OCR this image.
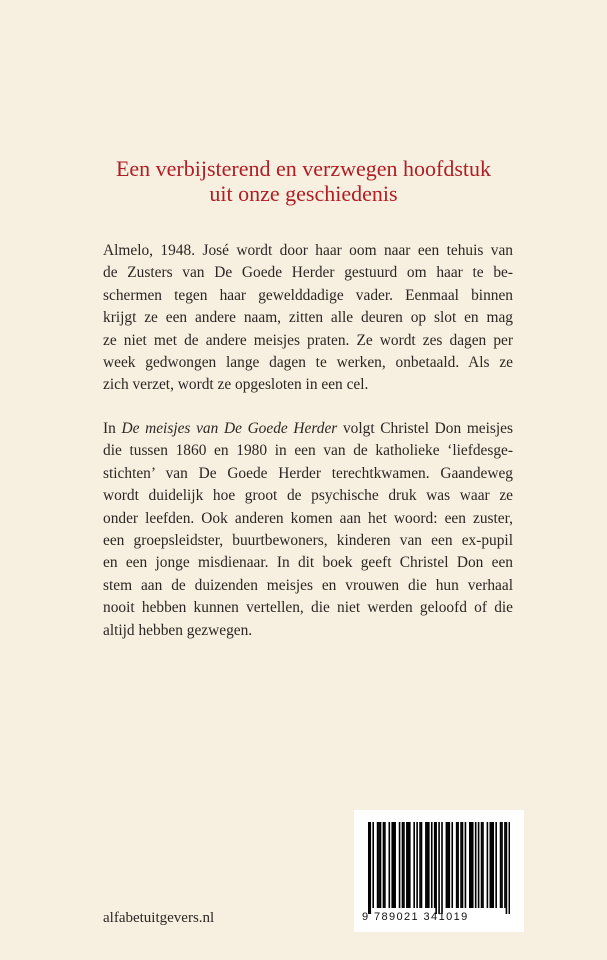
Een verbijsterend en verzwegen hoofdstuk
uit onze geschiedenis
Almelo, 1948. José wordt door haar oom naar een tehuis van
de Zusters van De Goede Herder gestuurd om haar te be-
schermen tegen haar gewelddadige vader. Eenmaal binnen
krijgt ze een andere naam, zitten alle deuren op slot en mag
ze niet met de andere meisjes praten. Ze wordt zes dagen per
week gedwongen lange dagen te werken, onbetaald. Als ze
zich verzet, wordt ze opgesloten in een cel.
In De meisjes van De Goede Herder volgt Christel Don meisjes
die tussen 1860 en 1980 in een van de katholieke ‘liefdesge-
stichten’ van De Goede Herder terechtkwamen. Gaandeweg
wordt duidelijk hoe groot de psychische druk was waar ze
onder leefden. Ook anderen komen aan het woord: een zuster,
een groepsleidster, buurtbewoners, kinderen van een ex-pupil
en een jonge misdienaar. In dit boek geeft Christel Don een
stem aan de duizenden meisjes en vrouwen die hun verhaal
nooit hebben kunnen vertellen, die niet werden geloofd of die
altijd hebben gezwegen.
9 789021 341019
alfabetuitgevers.nl
